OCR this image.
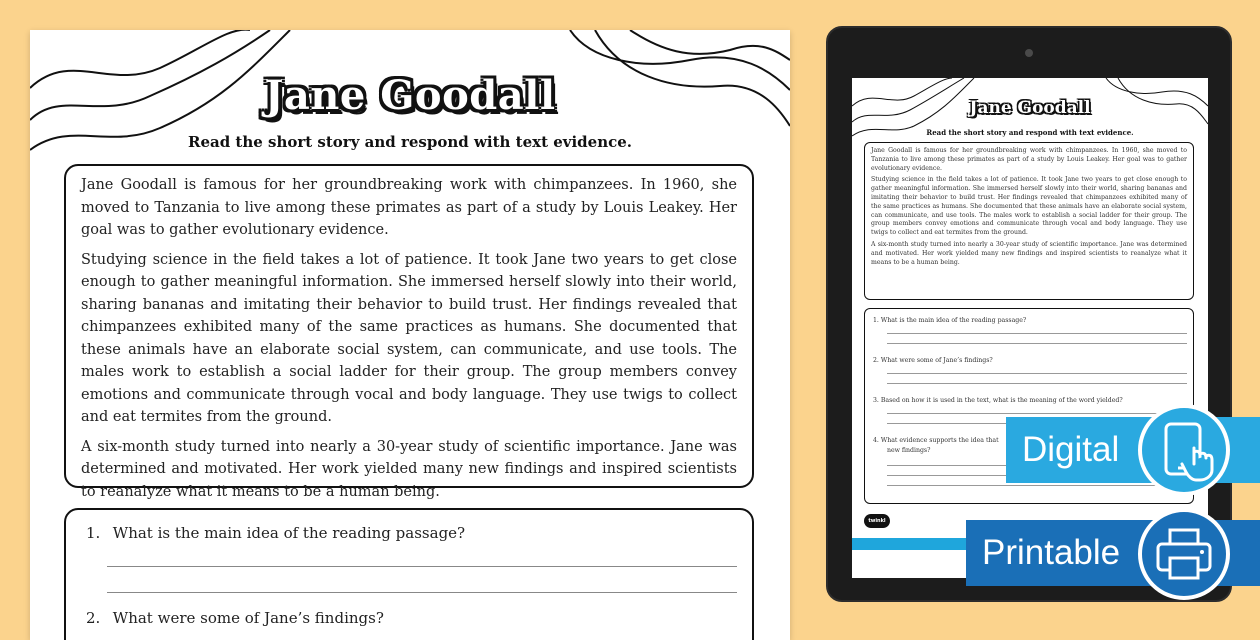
Jane Goodall
Read the short story and respond with text evidence.

Jane Goodall is famous for her groundbreaking work with chimpanzees. In 1960, she moved to Tanzania to live among these primates as part of a study by Louis Leakey. Her goal was to gather evolutionary evidence.

Studying science in the field takes a lot of patience. It took Jane two years to get close enough to gather meaningful information. She immersed herself slowly into their world, sharing bananas and imitating their behavior to build trust. Her findings revealed that chimpanzees exhibited many of the same practices as humans. She documented that these animals have an elaborate social system, can communicate, and use tools. The males work to establish a social ladder for their group. The group members convey emotions and communicate through vocal and body language. They use twigs to collect and eat termites from the ground.

A six-month study turned into nearly a 30-year study of scientific importance. Jane was determined and motivated. Her work yielded many new findings and inspired scientists to reanalyze what it means to be a human being.

1. What is the main idea of the reading passage?
2. What were some of Jane’s findings?
Jane Goodall
Read the short story and respond with text evidence.

Jane Goodall is famous for her groundbreaking work with chimpanzees. In 1960, she moved to Tanzania to live among these primates as part of a study by Louis Leakey. Her goal was to gather evolutionary evidence.

Studying science in the field takes a lot of patience. It took Jane two years to get close enough to gather meaningful information. She immersed herself slowly into their world, sharing bananas and imitating their behavior to build trust. Her findings revealed that chimpanzees exhibited many of the same practices as humans. She documented that these animals have an elaborate social system, can communicate, and use tools. The males work to establish a social ladder for their group. The group members convey emotions and communicate through vocal and body language. They use twigs to collect and eat termites from the ground.

A six-month study turned into nearly a 30-year study of scientific importance. Jane was determined and motivated. Her work yielded many new findings and inspired scientists to reanalyze what it means to be a human being.

1. What is the main idea of the reading passage?
2. What were some of Jane’s findings?
3. Based on how it is used in the text, what is the meaning of the word yielded?
4. What evidence supports the idea that
new findings?
twinkl
Digital
Printable
